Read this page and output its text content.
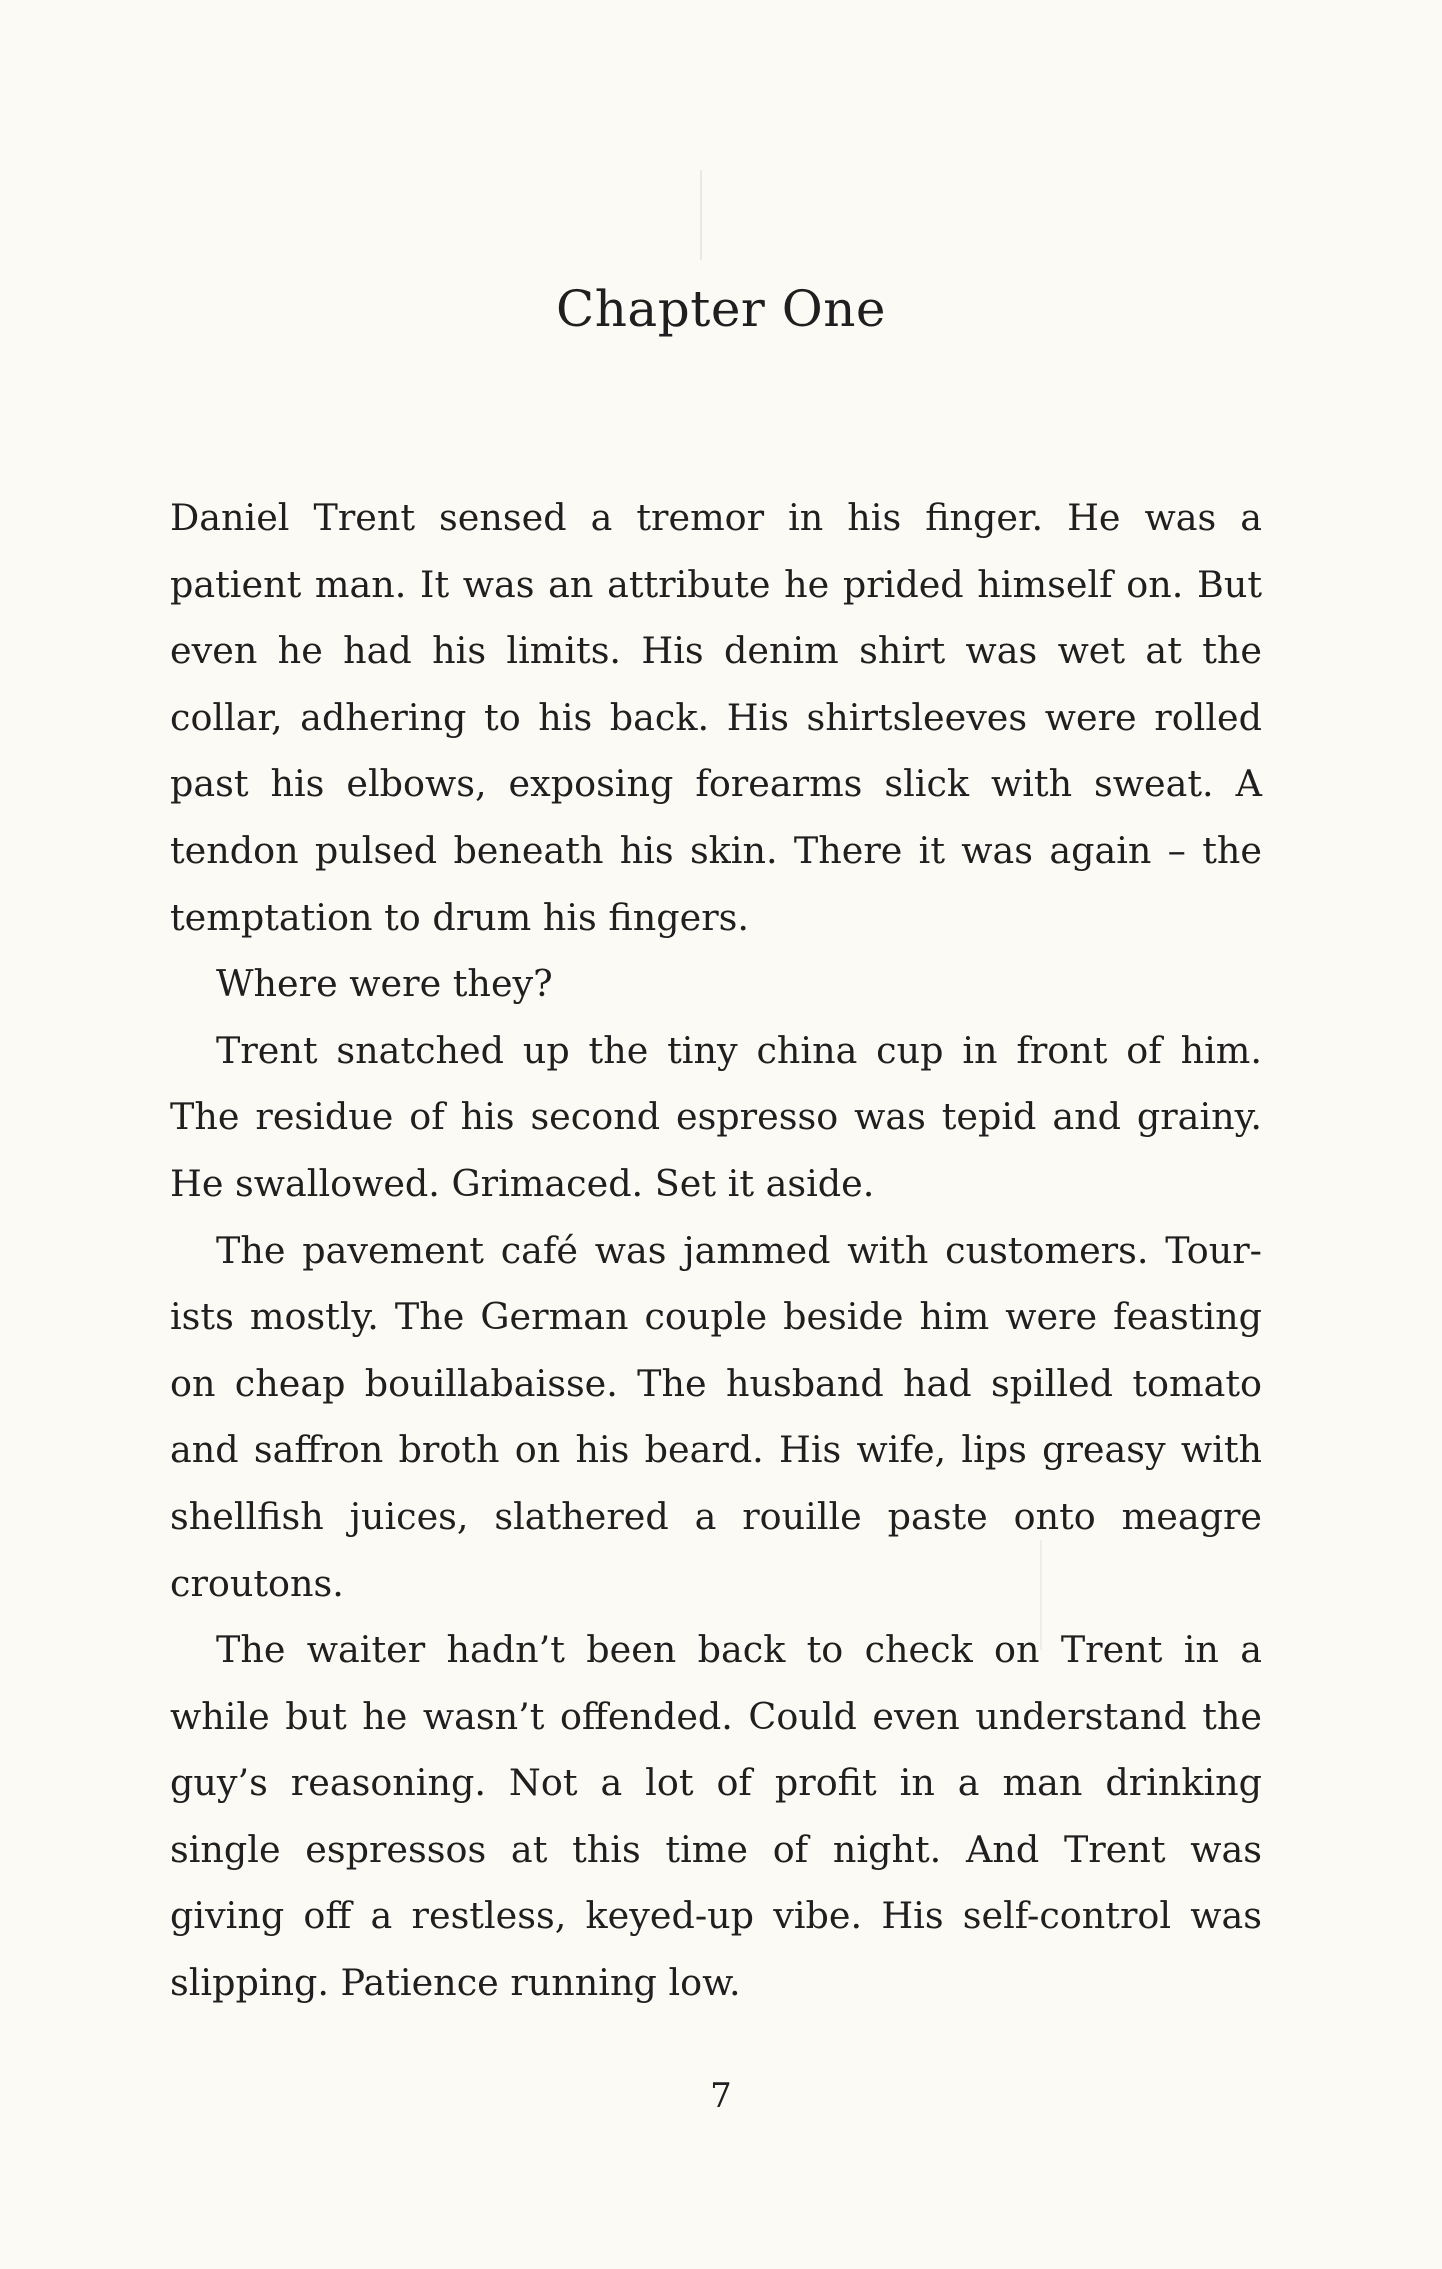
Chapter One

Daniel Trent sensed a tremor in his finger. He was a patient man. It was an attribute he prided himself on. But even he had his limits. His denim shirt was wet at the collar, adhering to his back. His shirtsleeves were rolled past his elbows, exposing forearms slick with sweat. A tendon pulsed beneath his skin. There it was again – the temptation to drum his fingers.

Where were they?

Trent snatched up the tiny china cup in front of him. The residue of his second espresso was tepid and grainy. He swallowed. Grimaced. Set it aside.

The pavement café was jammed with customers. Tourists mostly. The German couple beside him were feasting on cheap bouillabaisse. The husband had spilled tomato and saffron broth on his beard. His wife, lips greasy with shellfish juices, slathered a rouille paste onto meagre croutons.

The waiter hadn’t been back to check on Trent in a while but he wasn’t offended. Could even understand the guy’s reasoning. Not a lot of profit in a man drinking single espressos at this time of night. And Trent was giving off a restless, keyed-up vibe. His self-control was slipping. Patience running low.

7
